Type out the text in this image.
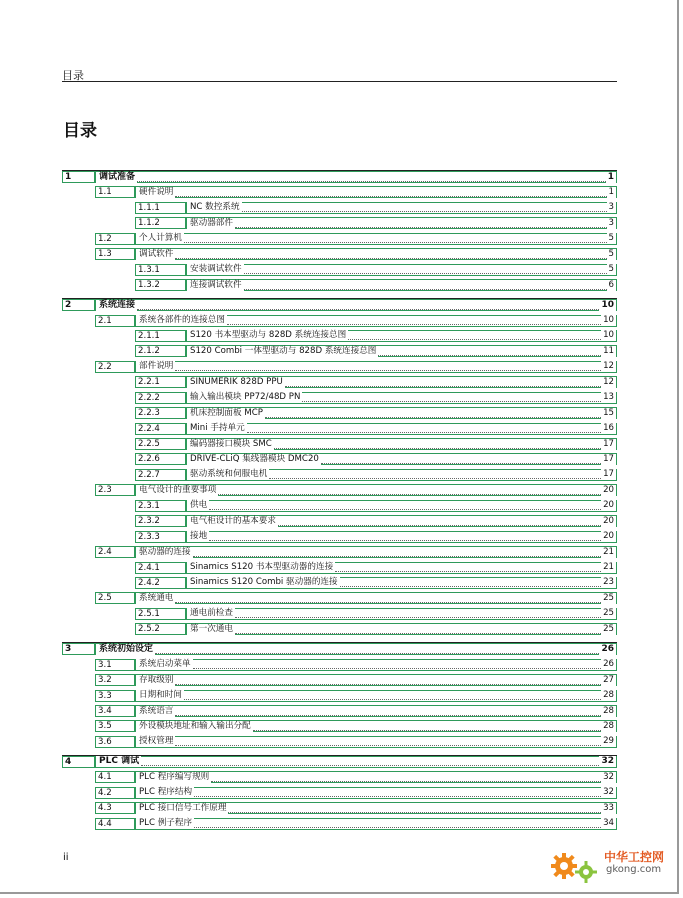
目录
目录
1	调试准备	1
1.1	硬件说明	1
1.1.1	NC 数控系统	3
1.1.2	驱动器部件	3
1.2	个人计算机	5
1.3	调试软件	5
1.3.1	安装调试软件	5
1.3.2	连接调试软件	6
2	系统连接	10
2.1	系统各部件的连接总图	10
2.1.1	S120 书本型驱动与 828D 系统连接总图	10
2.1.2	S120 Combi 一体型驱动与 828D 系统连接总图	11
2.2	部件说明	12
2.2.1	SINUMERIK 828D PPU	12
2.2.2	输入输出模块 PP72/48D PN	13
2.2.3	机床控制面板 MCP	15
2.2.4	Mini 手持单元	16
2.2.5	编码器接口模块 SMC	17
2.2.6	DRIVE-CLiQ 集线器模块 DMC20	17
2.2.7	驱动系统和伺服电机	17
2.3	电气设计的重要事项	20
2.3.1	供电	20
2.3.2	电气柜设计的基本要求	20
2.3.3	接地	20
2.4	驱动器的连接	21
2.4.1	Sinamics S120 书本型驱动器的连接	21
2.4.2	Sinamics S120 Combi 驱动器的连接	23
2.5	系统通电	25
2.5.1	通电前检查	25
2.5.2	第一次通电	25
3	系统初始设定	26
3.1	系统启动菜单	26
3.2	存取级别	27
3.3	日期和时间	28
3.4	系统语言	28
3.5	外设模块地址和输入输出分配	28
3.6	授权管理	29
4	PLC 调试	32
4.1	PLC 程序编写规则	32
4.2	PLC 程序结构	32
4.3	PLC 接口信号工作原理	33
4.4	PLC 例子程序	34
ii	中华工控网
gkong.com
